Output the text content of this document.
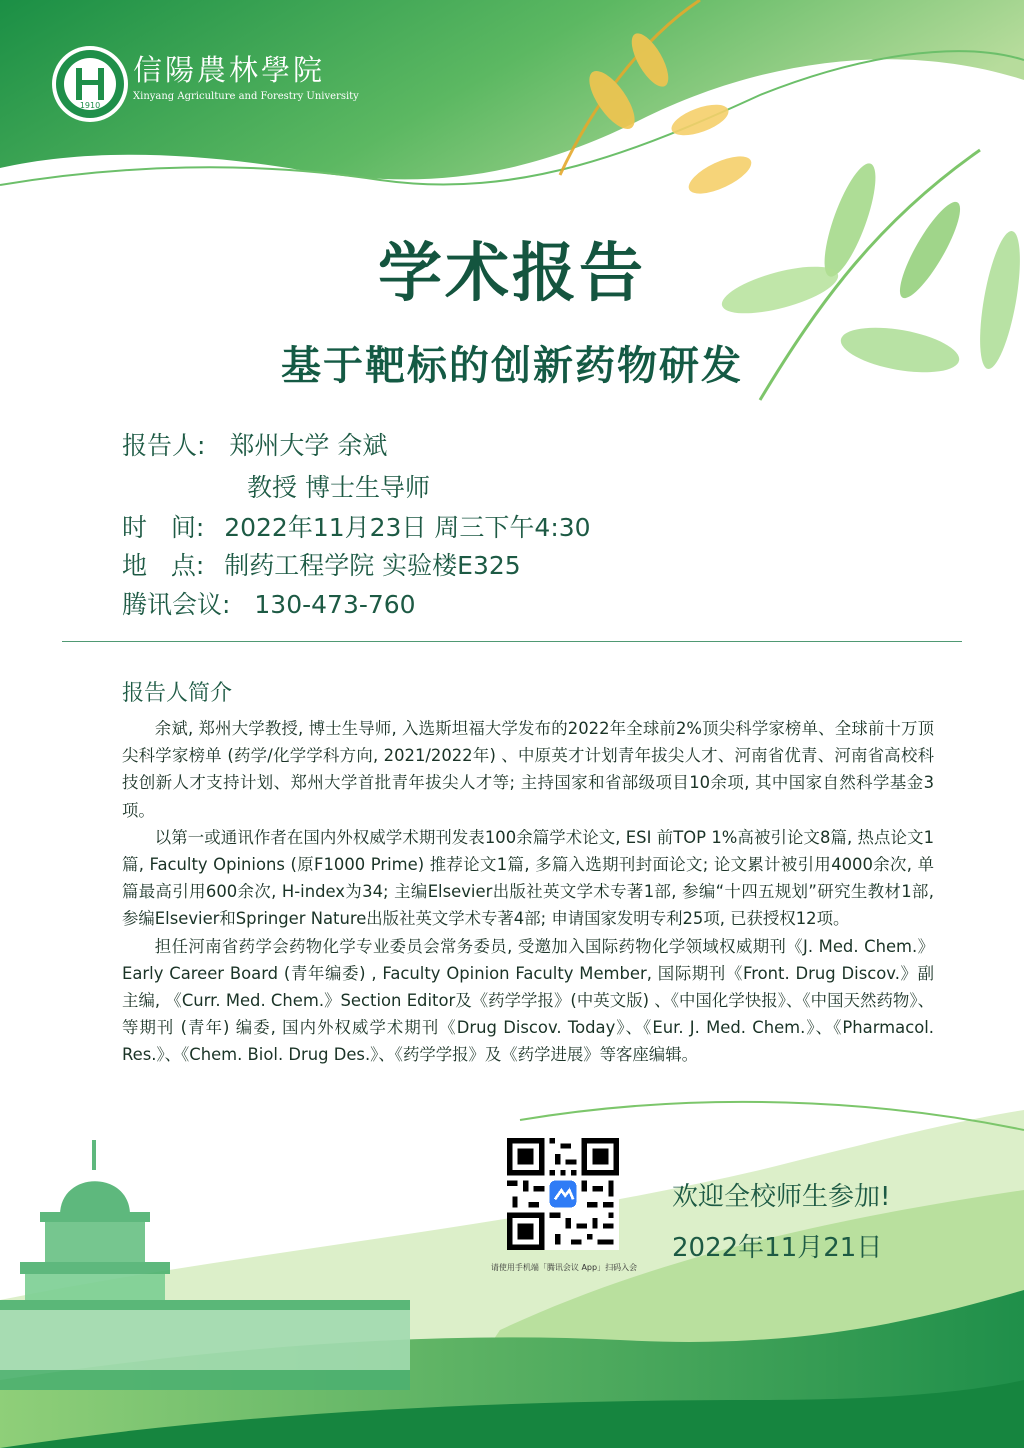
1910
信陽農林學院
Xinyang Agriculture and Forestry University
学术报告
基于靶标的创新药物研发
报告人: 郑州大学 余斌
教授 博士生导师
时   间: 2022年11月23日 周三下午4:30
地   点: 制药工程学院 实验楼E325
腾讯会议: 130-473-760
报告人简介

余斌, 郑州大学教授, 博士生导师, 入选斯坦福大学发布的2022年全球前2%顶尖科学家榜单、全球前十万顶尖科学家榜单 (药学/化学学科方向, 2021/2022年) 、中原英才计划青年拔尖人才、河南省优青、河南省高校科技创新人才支持计划、郑州大学首批青年拔尖人才等; 主持国家和省部级项目10余项, 其中国家自然科学基金3项。

以第一或通讯作者在国内外权威学术期刊发表100余篇学术论文, ESI 前TOP 1%高被引论文8篇, 热点论文1篇, Faculty Opinions (原F1000 Prime) 推荐论文1篇, 多篇入选期刊封面论文; 论文累计被引用4000余次, 单篇最高引用600余次, H-index为34; 主编Elsevier出版社英文学术专著1部, 参编“十四五规划”研究生教材1部, 参编Elsevier和Springer Nature出版社英文学术专著4部; 申请国家发明专利25项, 已获授权12项。

担任河南省药学会药物化学专业委员会常务委员, 受邀加入国际药物化学领域权威期刊《J. Med. Chem.》Early Career Board (青年编委) , Faculty Opinion Faculty Member, 国际期刊《Front. Drug Discov.》副主编, 《Curr. Med. Chem.》Section Editor及《药学学报》(中英文版) 、《中国化学快报》、《中国天然药物》、等期刊 (青年) 编委, 国内外权威学术期刊《Drug Discov. Today》、《Eur. J. Med. Chem.》、《Pharmacol. Res.》、《Chem. Biol. Drug Des.》、《药学学报》及《药学进展》等客座编辑。

请使用手机端「腾讯会议 App」扫码入会
欢迎全校师生参加!
2022年11月21日
